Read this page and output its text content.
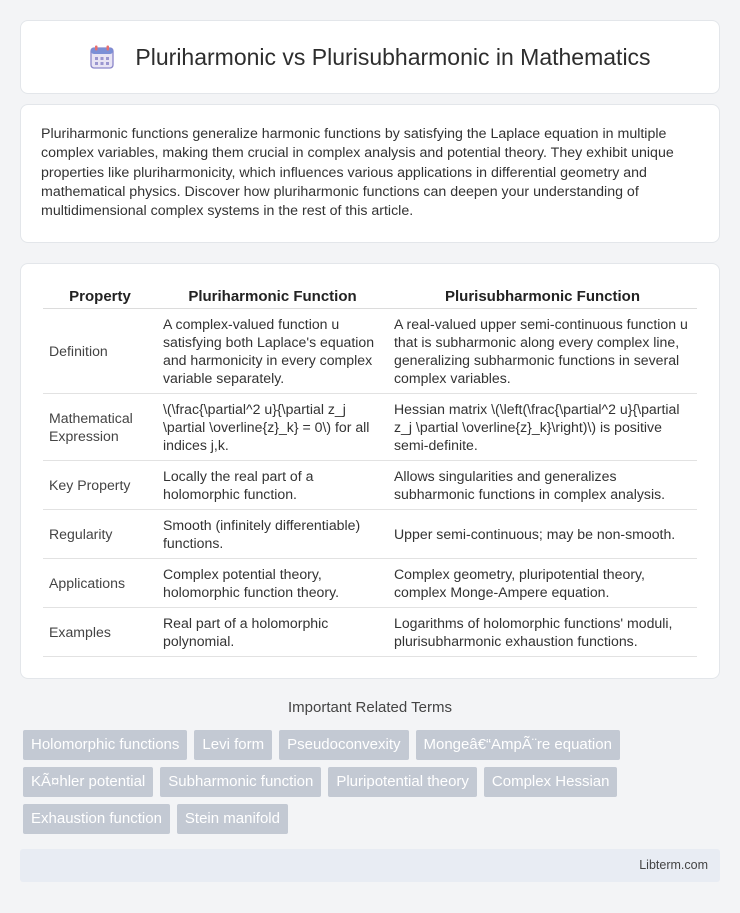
Pluriharmonic vs Plurisubharmonic in Mathematics

Pluriharmonic functions generalize harmonic functions by satisfying the Laplace equation in multiple complex variables, making them crucial in complex analysis and potential theory. They exhibit unique properties like pluriharmonicity, which influences various applications in differential geometry and mathematical physics. Discover how pluriharmonic functions can deepen your understanding of multidimensional complex systems in the rest of this article.

Property	Pluriharmonic Function	Plurisubharmonic Function
Definition	A complex-valued function u satisfying both Laplace's equation and harmonicity in every complex variable separately.	A real-valued upper semi-continuous function u that is subharmonic along every complex line, generalizing subharmonic functions in several complex variables.
Mathematical Expression	\(\frac{\partial^2 u}{\partial z_j \partial \overline{z}_k} = 0\) for all indices j,k.	Hessian matrix \(\left(\frac{\partial^2 u}{\partial z_j \partial \overline{z}_k}\right)\) is positive semi-definite.
Key Property	Locally the real part of a holomorphic function.	Allows singularities and generalizes subharmonic functions in complex analysis.
Regularity	Smooth (infinitely differentiable) functions.	Upper semi-continuous; may be non-smooth.
Applications	Complex potential theory, holomorphic function theory.	Complex geometry, pluripotential theory, complex Monge-Ampere equation.
Examples	Real part of a holomorphic polynomial.	Logarithms of holomorphic functions' moduli, plurisubharmonic exhaustion functions.
Important Related Terms
Holomorphic functions	Levi form	Pseudoconvexity	Mongeâ€“AmpÃ¨re equation
KÃ¤hler potential	Subharmonic function	Pluripotential theory	Complex Hessian
Exhaustion function	Stein manifold
Libterm.com
